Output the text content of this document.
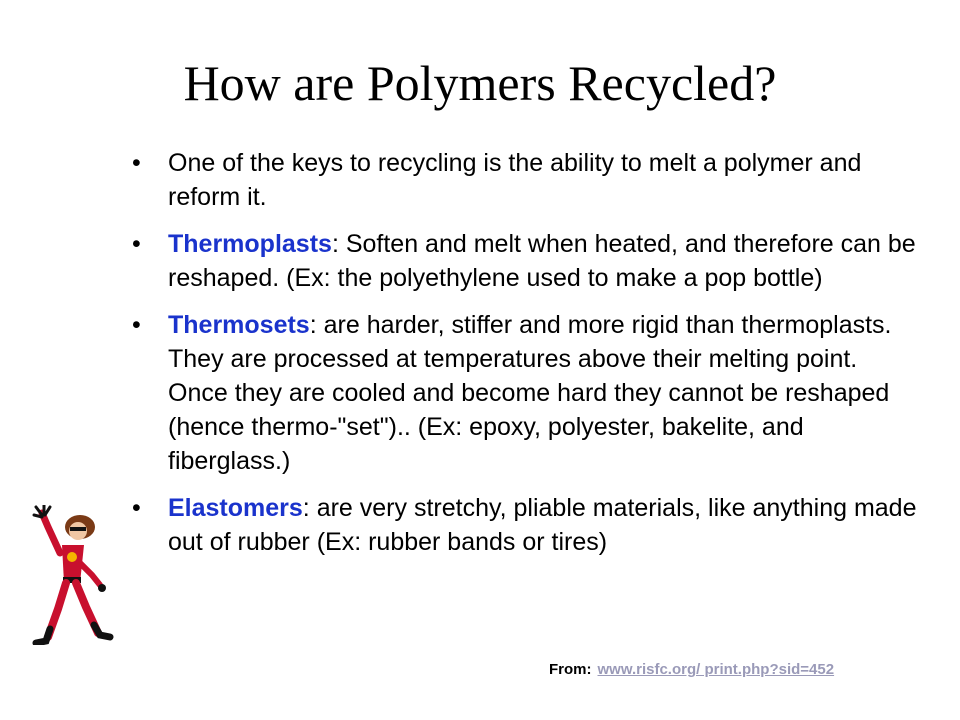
How are Polymers Recycled?
• One of the keys to recycling is the ability to melt a polymer and reform it.
• Thermoplasts: Soften and melt when heated, and therefore can be reshaped. (Ex: the polyethylene used to make a pop bottle)
• Thermosets: are harder, stiffer and more rigid than thermoplasts. They are processed at temperatures above their melting point. Once they are cooled and become hard they cannot be reshaped (hence thermo-"set").. (Ex: epoxy, polyester, bakelite, and fiberglass.)
• Elastomers: are very stretchy, pliable materials, like anything made out of rubber (Ex: rubber bands or tires)
From: www.risfc.org/ print.php?sid=452
